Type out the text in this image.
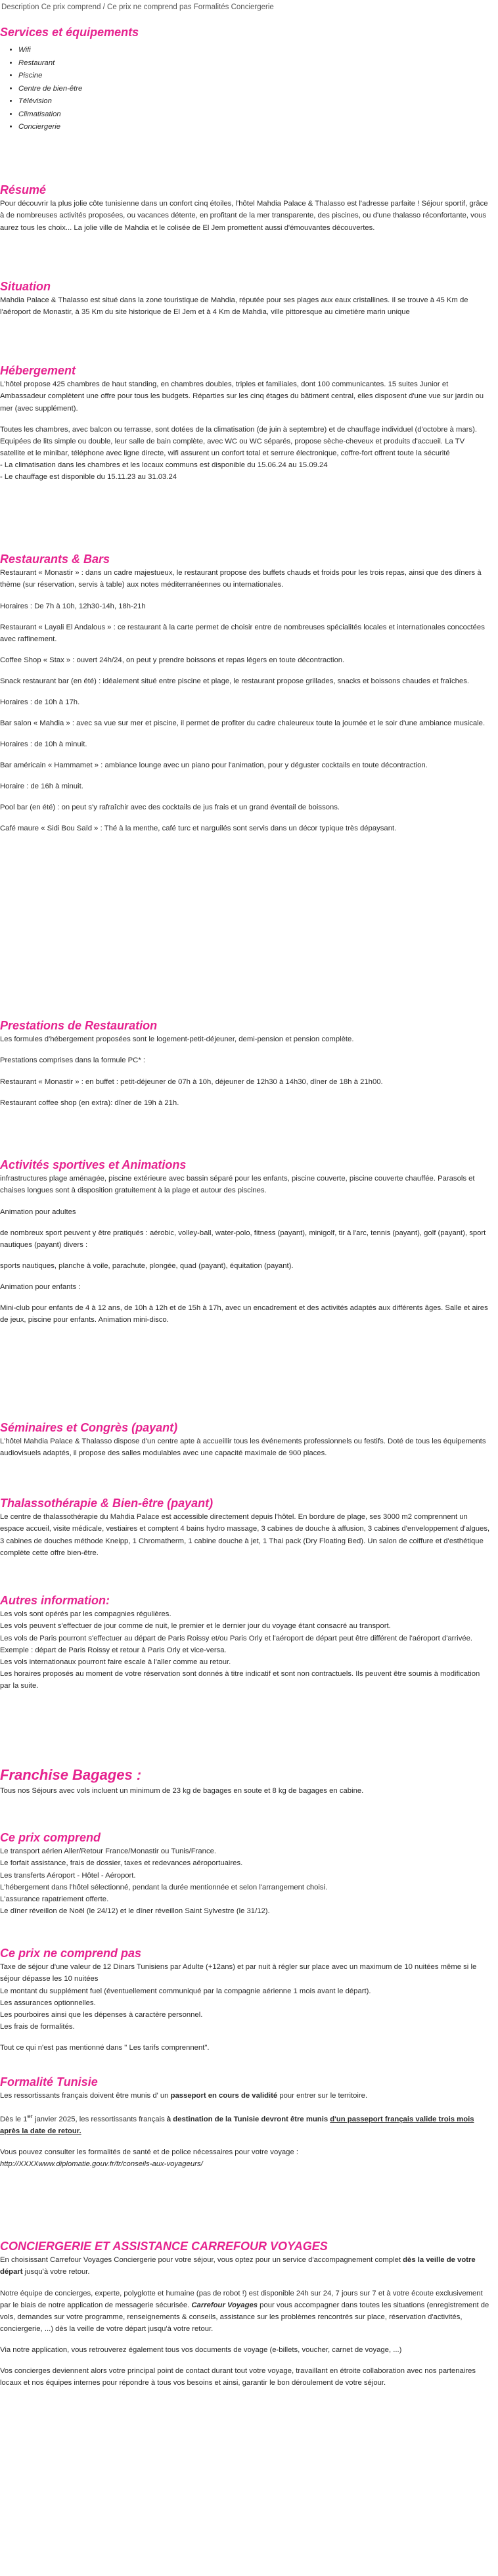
Description Ce prix comprend / Ce prix ne comprend pas Formalités Conciergerie

Services et équipements

• Wifi
• Restaurant
• Piscine
• Centre de bien-être
• Télévision
• Climatisation
• Conciergerie

Résumé

Pour découvrir la plus jolie côte tunisienne dans un confort cinq étoiles, l'hôtel Mahdia Palace & Thalasso est l'adresse parfaite ! Séjour sportif, grâce à de nombreuses activités proposées, ou vacances détente, en profitant de la mer transparente, des piscines, ou d'une thalasso réconfortante, vous aurez tous les choix... La jolie ville de Mahdia et le colisée de El Jem promettent aussi d'émouvantes découvertes.

Situation

Mahdia Palace & Thalasso est situé dans la zone touristique de Mahdia, réputée pour ses plages aux eaux cristallines. Il se trouve à 45 Km de l'aéroport de Monastir, à 35 Km du site historique de El Jem et à 4 Km de Mahdia, ville pittoresque au cimetière marin unique

Hébergement

L'hôtel propose 425 chambres de haut standing, en chambres doubles, triples et familiales, dont 100 communicantes. 15 suites Junior et Ambassadeur complètent une offre pour tous les budgets. Réparties sur les cinq étages du bâtiment central, elles disposent d'une vue sur jardin ou mer (avec supplément).

Toutes les chambres, avec balcon ou terrasse, sont dotées de la climatisation (de juin à septembre) et de chauffage individuel (d'octobre à mars). Equipées de lits simple ou double, leur salle de bain complète, avec WC ou WC séparés, propose sèche-cheveux et produits d'accueil. La TV satellite et le minibar, téléphone avec ligne directe, wifi assurent un confort total et serrure électronique, coffre-fort offrent toute la sécurité

- La climatisation dans les chambres et les locaux communs est disponible du 15.06.24 au 15.09.24

- Le chauffage est disponible du 15.11.23 au 31.03.24

Restaurants & Bars

Restaurant « Monastir » : dans un cadre majestueux, le restaurant propose des buffets chauds et froids pour les trois repas, ainsi que des dîners à thème (sur réservation, servis à table) aux notes méditerranéennes ou internationales.

Horaires : De 7h à 10h, 12h30-14h, 18h-21h

Restaurant « Layali El Andalous » : ce restaurant à la carte permet de choisir entre de nombreuses spécialités locales et internationales concoctées avec raffinement.

Coffee Shop « Stax » : ouvert 24h/24, on peut y prendre boissons et repas légers en toute décontraction.

Snack restaurant bar (en été) : idéalement situé entre piscine et plage, le restaurant propose grillades, snacks et boissons chaudes et fraîches.

Horaires : de 10h à 17h.

Bar salon « Mahdia » : avec sa vue sur mer et piscine, il permet de profiter du cadre chaleureux toute la journée et le soir d'une ambiance musicale.

Horaires : de 10h à minuit.

Bar américain « Hammamet » : ambiance lounge avec un piano pour l'animation, pour y déguster cocktails en toute décontraction.

Horaire : de 16h à minuit.

Pool bar (en été) : on peut s'y rafraîchir avec des cocktails de jus frais et un grand éventail de boissons.

Café maure « Sidi Bou Saïd » : Thé à la menthe, café turc et narguilés sont servis dans un décor typique très dépaysant.

Prestations de Restauration

Les formules d'hébergement proposées sont le logement-petit-déjeuner, demi-pension et pension complète.

Prestations comprises dans la formule PC* :

Restaurant « Monastir » : en buffet : petit-déjeuner de 07h à 10h, déjeuner de 12h30 à 14h30, dîner de 18h à 21h00.

Restaurant coffee shop (en extra): dîner de 19h à 21h.

Activités sportives et Animations

infrastructures plage aménagée, piscine extérieure avec bassin séparé pour les enfants, piscine couverte, piscine couverte chauffée. Parasols et chaises longues sont à disposition gratuitement à la plage et autour des piscines.

Animation pour adultes

de nombreux sport peuvent y être pratiqués : aérobic, volley-ball, water-polo, fitness (payant), minigolf, tir à l'arc, tennis (payant), golf (payant), sport nautiques (payant) divers :

sports nautiques, planche à voile, parachute, plongée, quad (payant), équitation (payant).

Animation pour enfants :

Mini-club pour enfants de 4 à 12 ans, de 10h à 12h et de 15h à 17h, avec un encadrement et des activités adaptés aux différents âges. Salle et aires de jeux, piscine pour enfants. Animation mini-disco.

Séminaires et Congrès (payant)

L'hôtel Mahdia Palace & Thalasso dispose d'un centre apte à accueillir tous les événements professionnels ou festifs. Doté de tous les équipements audiovisuels adaptés, il propose des salles modulables avec une capacité maximale de 900 places.

Thalassothérapie & Bien-être (payant)

Le centre de thalassothérapie du Mahdia Palace est accessible directement depuis l'hôtel. En bordure de plage, ses 3000 m2 comprennent un espace accueil, visite médicale, vestiaires et comptent 4 bains hydro massage, 3 cabines de douche à affusion, 3 cabines d'enveloppement d'algues, 3 cabines de douches méthode Kneipp, 1 Chromatherm, 1 cabine douche à jet, 1 Thai pack (Dry Floating Bed). Un salon de coiffure et d'esthétique complète cette offre bien-être.

Autres information:

Les vols sont opérés par les compagnies régulières.
Les vols peuvent s'effectuer de jour comme de nuit, le premier et le dernier jour du voyage étant consacré au transport.
Les vols de Paris pourront s'effectuer au départ de Paris Roissy et/ou Paris Orly et l'aéroport de départ peut être différent de l'aéroport d'arrivée.
Exemple : départ de Paris Roissy et retour à Paris Orly et vice-versa.
Les vols internationaux pourront faire escale à l'aller comme au retour.
Les horaires proposés au moment de votre réservation sont donnés à titre indicatif et sont non contractuels. Ils peuvent être soumis à modification par la suite.

Franchise Bagages :

Tous nos Séjours avec vols incluent un minimum de 23 kg de bagages en soute et 8 kg de bagages en cabine.

Ce prix comprend

Le transport aérien Aller/Retour France/Monastir ou Tunis/France.
Le forfait assistance, frais de dossier, taxes et redevances aéroportuaires.
Les transferts Aéroport - Hôtel - Aéroport.
L'hébergement dans l'hôtel sélectionné, pendant la durée mentionnée et selon l'arrangement choisi.
L'assurance rapatriement offerte.
Le dîner réveillon de Noël (le 24/12) et le dîner réveillon Saint Sylvestre (le 31/12).

Ce prix ne comprend pas

Taxe de séjour d'une valeur de 12 Dinars Tunisiens par Adulte (+12ans) et par nuit à régler sur place avec un maximum de 10 nuitées même si le séjour dépasse les 10 nuitées
Le montant du supplément fuel (éventuellement communiqué par la compagnie aérienne 1 mois avant le départ).
Les assurances optionnelles.
Les pourboires ainsi que les dépenses à caractère personnel.
Les frais de formalités.

Tout ce qui n'est pas mentionné dans " Les tarifs comprennent".

Formalité Tunisie

Les ressortissants français doivent être munis d' un passeport en cours de validité pour entrer sur le territoire.

Dès le 1er janvier 2025, les ressortissants français à destination de la Tunisie devront être munis d'un passeport français valide trois mois après la date de retour.

Vous pouvez consulter les formalités de santé et de police nécessaires pour votre voyage :

http://XXXXwww.diplomatie.gouv.fr/fr/conseils-aux-voyageurs/

CONCIERGERIE ET ASSISTANCE CARREFOUR VOYAGES

En choisissant Carrefour Voyages Conciergerie pour votre séjour, vous optez pour un service d'accompagnement complet dès la veille de votre départ jusqu'à votre retour.

Notre équipe de concierges, experte, polyglotte et humaine (pas de robot !) est disponible 24h sur 24, 7 jours sur 7 et à votre écoute exclusivement par le biais de notre application de messagerie sécurisée. Carrefour Voyages pour vous accompagner dans toutes les situations (enregistrement de vols, demandes sur votre programme, renseignements & conseils, assistance sur les problèmes rencontrés sur place, réservation d'activités, conciergerie, ...) dès la veille de votre départ jusqu'à votre retour.

Via notre application, vous retrouverez également tous vos documents de voyage (e-billets, voucher, carnet de voyage, ...)

Vos concierges deviennent alors votre principal point de contact durant tout votre voyage, travaillant en étroite collaboration avec nos partenaires locaux et nos équipes internes pour répondre à tous vos besoins et ainsi, garantir le bon déroulement de votre séjour.
